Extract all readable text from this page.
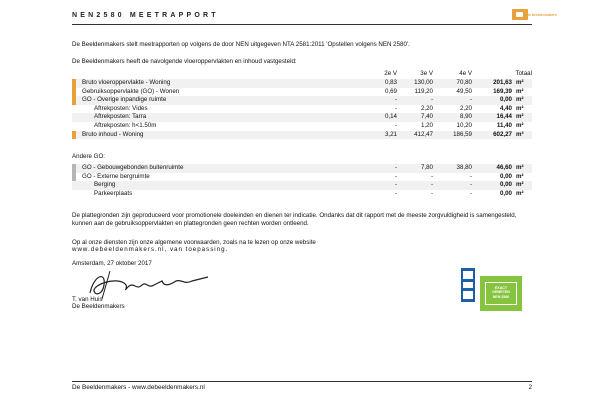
NEN2580 MEETRAPPORT	de beeldenmakers
De Beeldenmakers stelt meetrapporten op volgens de door NEN uitgegeven NTA 2581:2011 'Opstellen volgens NEN 2580'.
De Beeldenmakers heeft de navolgende vloeroppervlakten en inhoud vastgesteld:
2e V	3e V	4e V	Totaal
Bruto vloeroppervlakte - Woning	0,83	130,00	70,80	201,63 m²
Gebruiksoppervlakte (GO) - Wonen	0,69	119,20	49,50	169,39 m²
GO - Overige inpandige ruimte	-	-	-	0,00 m²
Aftrekposten: Vides	-	2,20	2,20	4,40 m²
Aftrekposten: Tarra	0,14	7,40	8,90	16,44 m²
Aftrekposten: h<1.50m	-	1,20	10,20	11,40 m²
Bruto inhoud - Woning	3,21	412,47	186,59	602,27 m³
Andere GO:
GO - Gebouwgebonden buitenruimte	-	7,80	38,80	46,60 m²
GO - Externe bergruimte	-	-	-	0,00 m²
Berging	-	-	-	0,00 m²
Parkeerplaats	-	-	-	0,00 m²
De plattegronden zijn geproduceerd voor promotionele doeleinden en dienen ter indicatie. Ondanks dat dit rapport met de meeste zorgvuldigheid is samengesteld, kunnen aan de gebruiksoppervlakten en plattegronden geen rechten worden ontleend.
Op al onze diensten zijn onze algemene voorwaarden, zoals na te lezen op onze website
www.debeeldenmakers.nl, van toepassing.
Amsterdam, 27 oktober 2017
T. van Huis
De Beeldenmakers
EXACT GEMETEN
NEN 2580
De Beeldenmakers - www.debeeldenmakers.nl	2
